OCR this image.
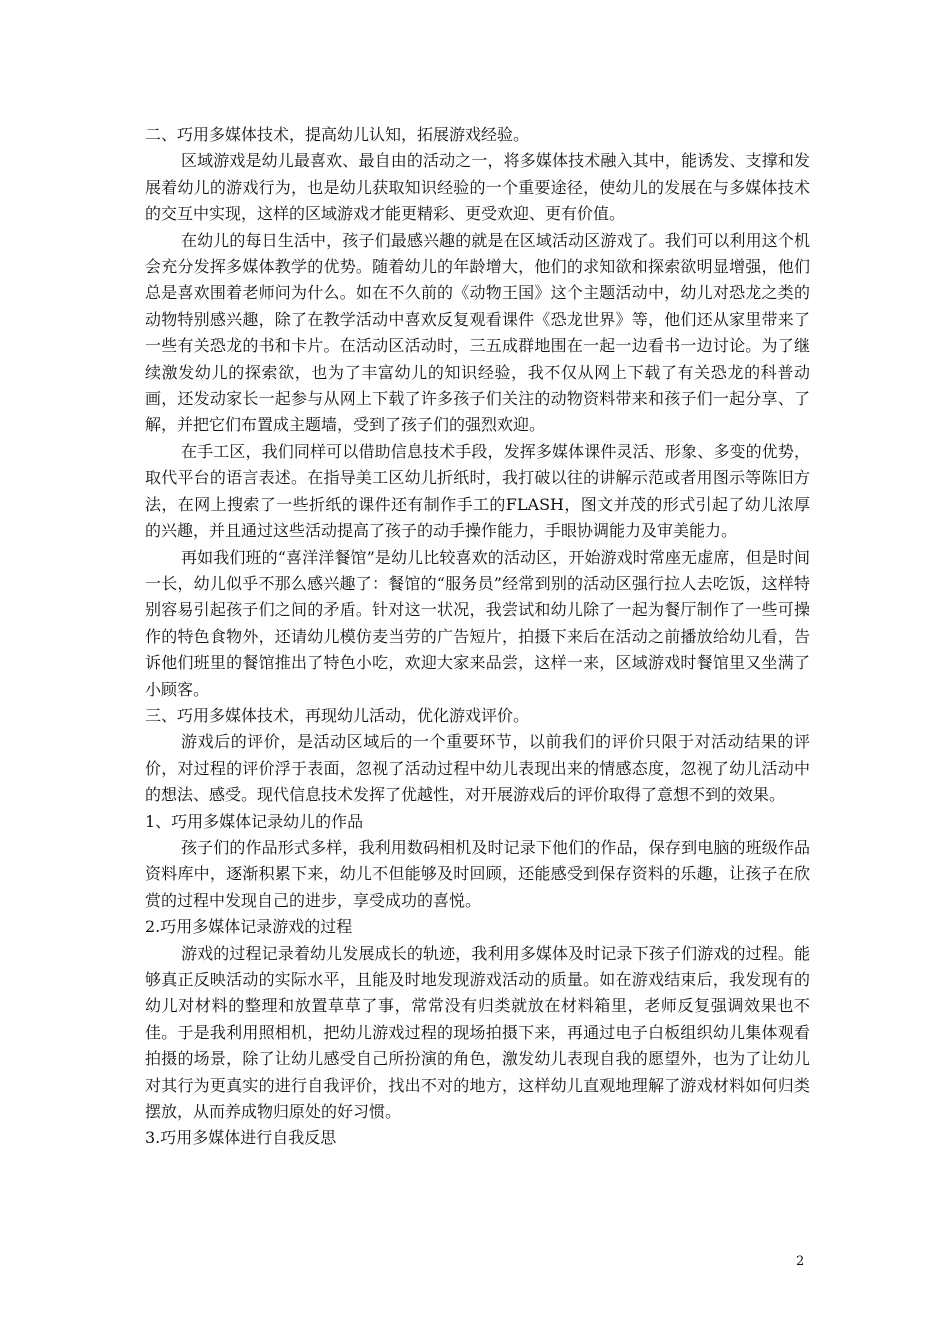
二、巧用多媒体技术，提高幼儿认知，拓展游戏经验。

区域游戏是幼儿最喜欢、最自由的活动之一，将多媒体技术融入其中，能诱发、支撑和发展着幼儿的游戏行为，也是幼儿获取知识经验的一个重要途径，使幼儿的发展在与多媒体技术的交互中实现，这样的区域游戏才能更精彩、更受欢迎、更有价值。

在幼儿的每日生活中，孩子们最感兴趣的就是在区域活动区游戏了。我们可以利用这个机会充分发挥多媒体教学的优势。随着幼儿的年龄增大，他们的求知欲和探索欲明显增强，他们总是喜欢围着老师问为什么。如在不久前的《动物王国》这个主题活动中，幼儿对恐龙之类的动物特别感兴趣，除了在教学活动中喜欢反复观看课件《恐龙世界》等，他们还从家里带来了一些有关恐龙的书和卡片。在活动区活动时，三五成群地围在一起一边看书一边讨论。为了继续激发幼儿的探索欲，也为了丰富幼儿的知识经验，我不仅从网上下载了有关恐龙的科普动画，还发动家长一起参与从网上下载了许多孩子们关注的动物资料带来和孩子们一起分享、了解，并把它们布置成主题墙，受到了孩子们的强烈欢迎。

在手工区，我们同样可以借助信息技术手段，发挥多媒体课件灵活、形象、多变的优势，取代平台的语言表述。在指导美工区幼儿折纸时，我打破以往的讲解示范或者用图示等陈旧方法，在网上搜索了一些折纸的课件还有制作手工的FLASH，图文并茂的形式引起了幼儿浓厚的兴趣，并且通过这些活动提高了孩子的动手操作能力，手眼协调能力及审美能力。

再如我们班的“喜洋洋餐馆”是幼儿比较喜欢的活动区，开始游戏时常座无虚席，但是时间一长，幼儿似乎不那么感兴趣了：餐馆的“服务员”经常到别的活动区强行拉人去吃饭，这样特别容易引起孩子们之间的矛盾。针对这一状况，我尝试和幼儿除了一起为餐厅制作了一些可操作的特色食物外，还请幼儿模仿麦当劳的广告短片，拍摄下来后在活动之前播放给幼儿看，告诉他们班里的餐馆推出了特色小吃，欢迎大家来品尝，这样一来，区域游戏时餐馆里又坐满了小顾客。

三、巧用多媒体技术，再现幼儿活动，优化游戏评价。

游戏后的评价，是活动区域后的一个重要环节，以前我们的评价只限于对活动结果的评价，对过程的评价浮于表面，忽视了活动过程中幼儿表现出来的情感态度，忽视了幼儿活动中的想法、感受。现代信息技术发挥了优越性，对开展游戏后的评价取得了意想不到的效果。

1、巧用多媒体记录幼儿的作品

孩子们的作品形式多样，我利用数码相机及时记录下他们的作品，保存到电脑的班级作品资料库中，逐渐积累下来，幼儿不但能够及时回顾，还能感受到保存资料的乐趣，让孩子在欣赏的过程中发现自己的进步，享受成功的喜悦。

2.巧用多媒体记录游戏的过程

游戏的过程记录着幼儿发展成长的轨迹，我利用多媒体及时记录下孩子们游戏的过程。能够真正反映活动的实际水平，且能及时地发现游戏活动的质量。如在游戏结束后，我发现有的幼儿对材料的整理和放置草草了事，常常没有归类就放在材料箱里，老师反复强调效果也不佳。于是我利用照相机，把幼儿游戏过程的现场拍摄下来，再通过电子白板组织幼儿集体观看拍摄的场景，除了让幼儿感受自己所扮演的角色，激发幼儿表现自我的愿望外，也为了让幼儿对其行为更真实的进行自我评价，找出不对的地方，这样幼儿直观地理解了游戏材料如何归类摆放，从而养成物归原处的好习惯。

3.巧用多媒体进行自我反思

2
